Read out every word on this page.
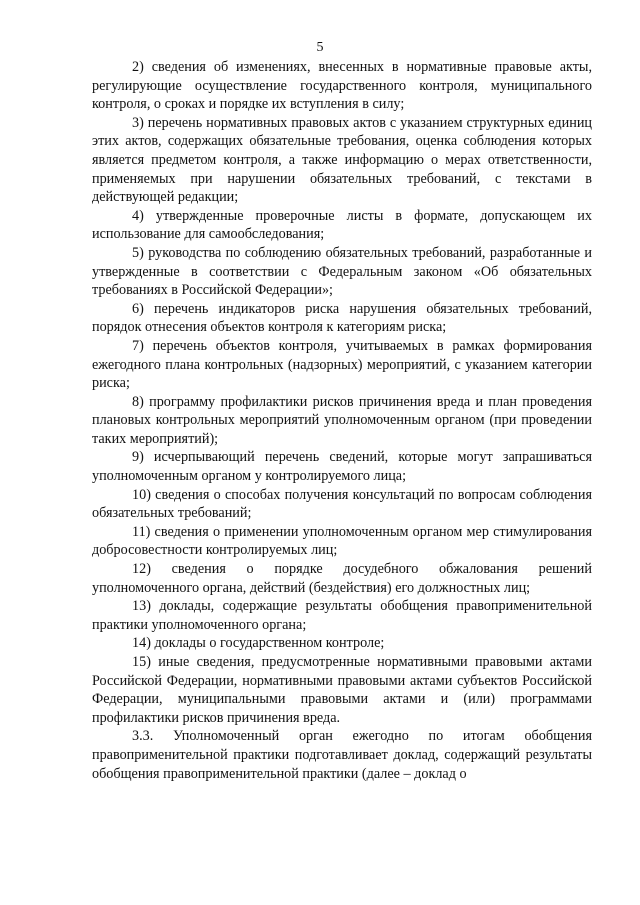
5

2) сведения об изменениях, внесенных в нормативные правовые акты, регулирующие осуществление государственного контроля, муниципального контроля, о сроках и порядке их вступления в силу;

3) перечень нормативных правовых актов с указанием структурных единиц этих актов, содержащих обязательные требования, оценка соблюдения которых является предметом контроля, а также информацию о мерах ответственности, применяемых при нарушении обязательных требований, с текстами в действующей редакции;

4) утвержденные проверочные листы в формате, допускающем их использование для самообследования;

5) руководства по соблюдению обязательных требований, разработанные и утвержденные в соответствии с Федеральным законом «Об обязательных требованиях в Российской Федерации»;

6) перечень индикаторов риска нарушения обязательных требований, порядок отнесения объектов контроля к категориям риска;

7) перечень объектов контроля, учитываемых в рамках формирования ежегодного плана контрольных (надзорных) мероприятий, с указанием категории риска;

8) программу профилактики рисков причинения вреда и план проведения плановых контрольных мероприятий уполномоченным органом (при проведении таких мероприятий);

9) исчерпывающий перечень сведений, которые могут запрашиваться уполномоченным органом у контролируемого лица;

10) сведения о способах получения консультаций по вопросам соблюдения обязательных требований;

11) сведения о применении уполномоченным органом мер стимулирования добросовестности контролируемых лиц;

12) сведения о порядке досудебного обжалования решений уполномоченного органа, действий (бездействия) его должностных лиц;

13) доклады, содержащие результаты обобщения правоприменительной практики уполномоченного органа;

14) доклады о государственном контроле;

15) иные сведения, предусмотренные нормативными правовыми актами Российской Федерации, нормативными правовыми актами субъектов Российской Федерации, муниципальными правовыми актами и (или) программами профилактики рисков причинения вреда.

3.3. Уполномоченный орган ежегодно по итогам обобщения правоприменительной практики подготавливает доклад, содержащий результаты обобщения правоприменительной практики (далее – доклад о
